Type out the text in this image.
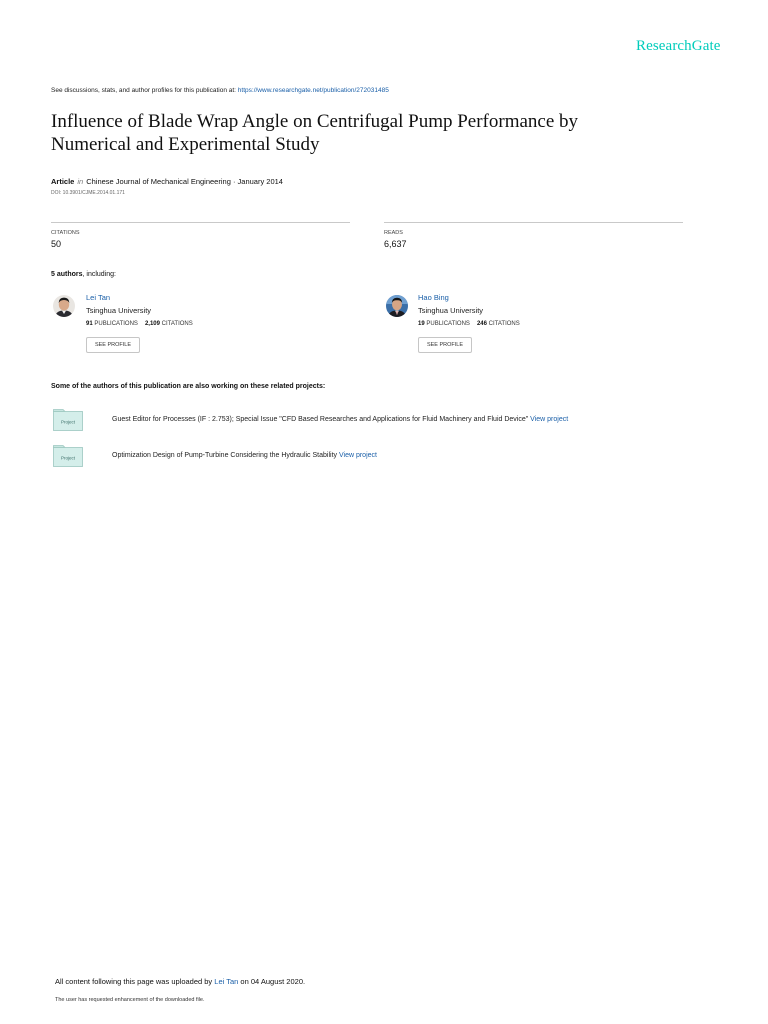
ResearchGate
See discussions, stats, and author profiles for this publication at: https://www.researchgate.net/publication/272031485
Influence of Blade Wrap Angle on Centrifugal Pump Performance by
Numerical and Experimental Study
Article in Chinese Journal of Mechanical Engineering · January 2014
DOI: 10.3901/CJME.2014.01.171
CITATIONS
50
READS
6,637
5 authors, including:
Lei Tan
Tsinghua University
91 PUBLICATIONS 2,109 CITATIONS
SEE PROFILE
Hao Bing
Tsinghua University
19 PUBLICATIONS 246 CITATIONS
SEE PROFILE
Some of the authors of this publication are also working on these related projects:
Project	Guest Editor for Processes (IF : 2.753); Special Issue "CFD Based Researches and Applications for Fluid Machinery and Fluid Device" View project
Project	Optimization Design of Pump-Turbine Considering the Hydraulic Stability View project
All content following this page was uploaded by Lei Tan on 04 August 2020.
The user has requested enhancement of the downloaded file.
